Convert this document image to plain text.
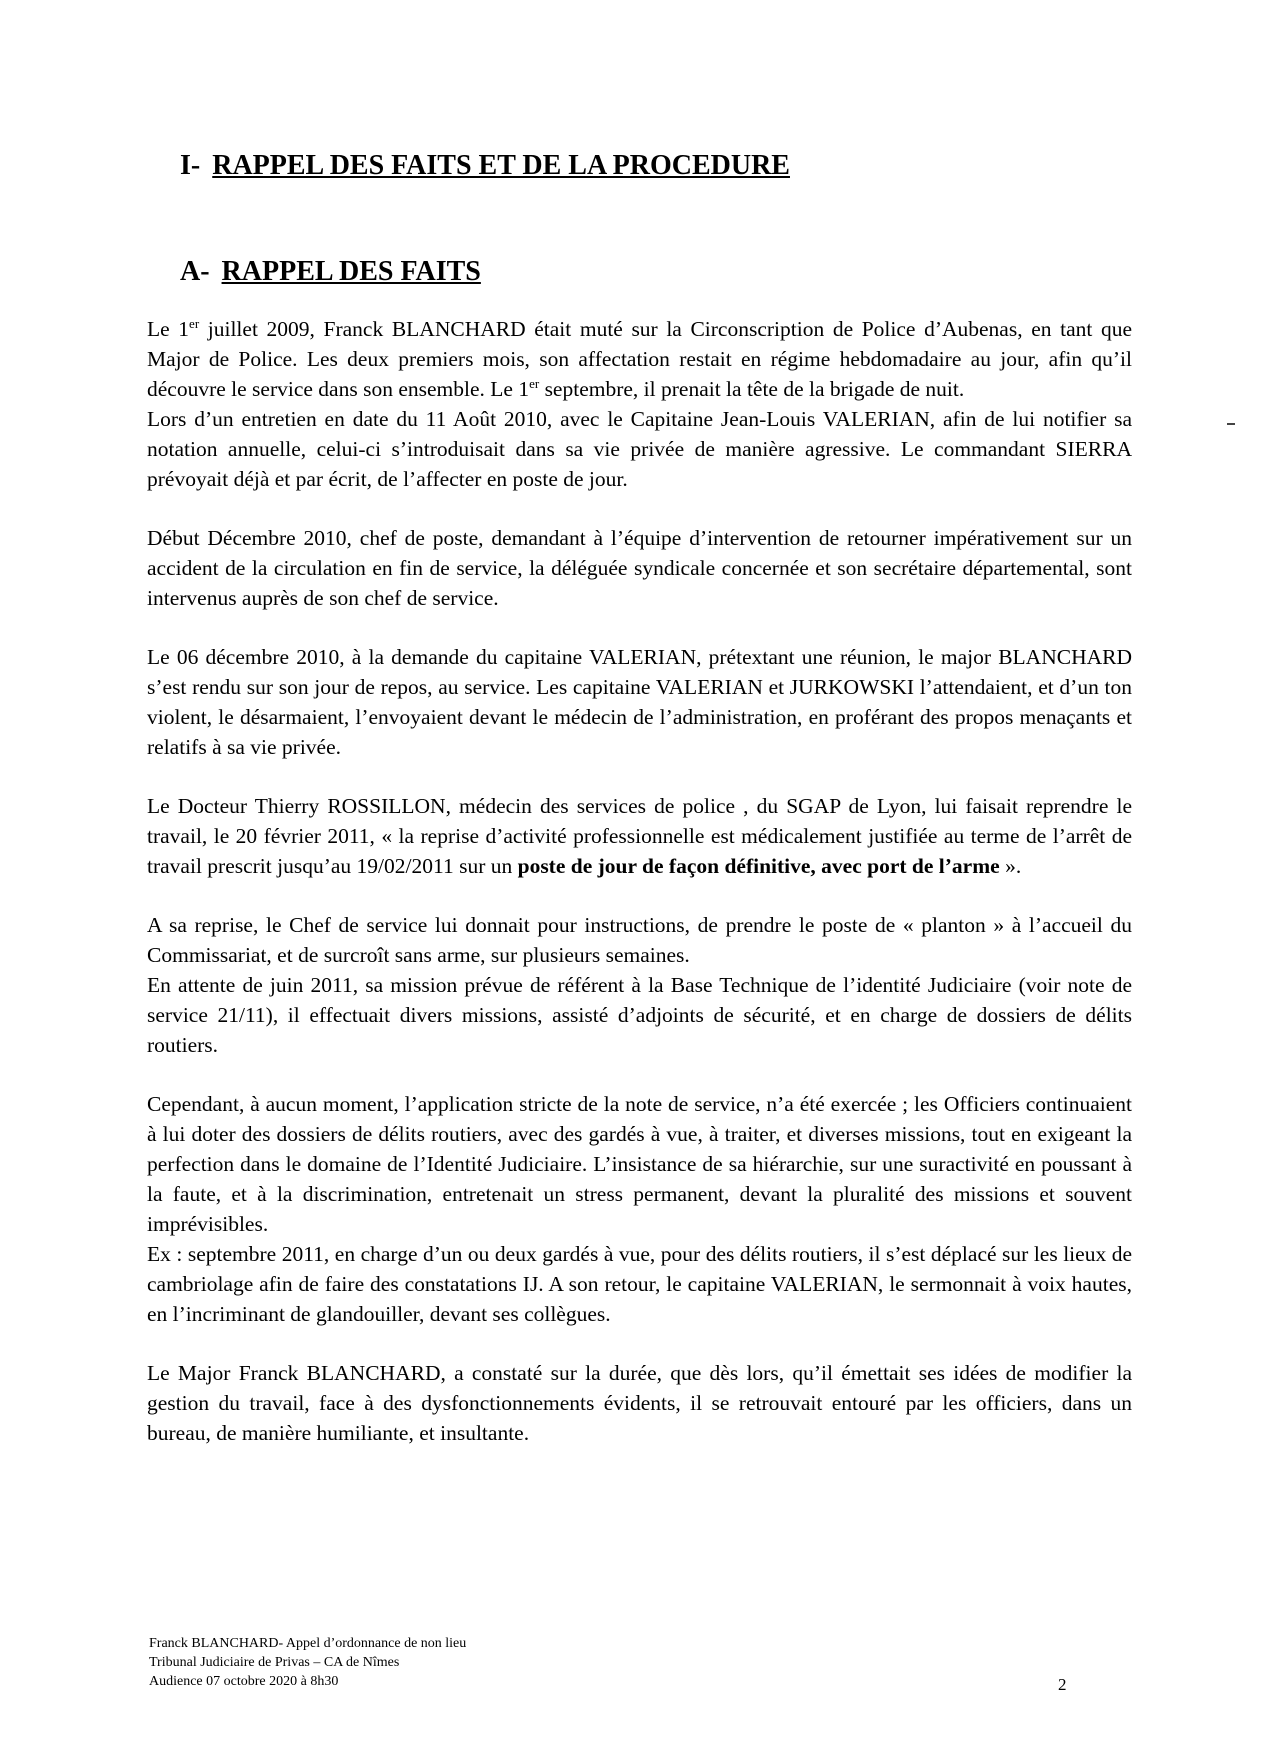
I- RAPPEL DES FAITS ET DE LA PROCEDURE
A- RAPPEL DES FAITS

Le 1er juillet 2009, Franck BLANCHARD était muté sur la Circonscription de Police d’Aubenas, en tant que Major de Police. Les deux premiers mois, son affectation restait en régime hebdomadaire au jour, afin qu’il découvre le service dans son ensemble. Le 1er septembre, il prenait la tête de la brigade de nuit.

Lors d’un entretien en date du 11 Août 2010, avec le Capitaine Jean-Louis VALERIAN, afin de lui notifier sa notation annuelle, celui-ci s’introduisait dans sa vie privée de manière agressive. Le commandant SIERRA prévoyait déjà et par écrit, de l’affecter en poste de jour.

Début Décembre 2010, chef de poste, demandant à l’équipe d’intervention de retourner impérativement sur un accident de la circulation en fin de service, la déléguée syndicale concernée et son secrétaire départemental, sont intervenus auprès de son chef de service.

Le 06 décembre 2010, à la demande du capitaine VALERIAN, prétextant une réunion, le major BLANCHARD s’est rendu sur son jour de repos, au service. Les capitaine VALERIAN et JURKOWSKI l’attendaient, et d’un ton violent, le désarmaient, l’envoyaient devant le médecin de l’administration, en proférant des propos menaçants et relatifs à sa vie privée.

Le Docteur Thierry ROSSILLON, médecin des services de police , du SGAP de Lyon, lui faisait reprendre le travail, le 20 février 2011, « la reprise d’activité professionnelle est médicalement justifiée au terme de l’arrêt de travail prescrit jusqu’au 19/02/2011 sur un poste de jour de façon définitive, avec port de l’arme ».

A sa reprise, le Chef de service lui donnait pour instructions, de prendre le poste de « planton » à l’accueil du Commissariat, et de surcroît sans arme, sur plusieurs semaines.

En attente de juin 2011, sa mission prévue de référent à la Base Technique de l’identité Judiciaire (voir note de service 21/11), il effectuait divers missions, assisté d’adjoints de sécurité, et en charge de dossiers de délits routiers.

Cependant, à aucun moment, l’application stricte de la note de service, n’a été exercée ; les Officiers continuaient à lui doter des dossiers de délits routiers, avec des gardés à vue, à traiter, et diverses missions, tout en exigeant la perfection dans le domaine de l’Identité Judiciaire. L’insistance de sa hiérarchie, sur une suractivité en poussant à la faute, et à la discrimination, entretenait un stress permanent, devant la pluralité des missions et souvent imprévisibles.

Ex : septembre 2011, en charge d’un ou deux gardés à vue, pour des délits routiers, il s’est déplacé sur les lieux de cambriolage afin de faire des constatations IJ. A son retour, le capitaine VALERIAN, le sermonnait à voix hautes, en l’incriminant de glandouiller, devant ses collègues.

Le Major Franck BLANCHARD, a constaté sur la durée, que dès lors, qu’il émettait ses idées de modifier la gestion du travail, face à des dysfonctionnements évidents, il se retrouvait entouré par les officiers, dans un bureau, de manière humiliante, et insultante.

Franck BLANCHARD- Appel d’ordonnance de non lieu
Tribunal Judiciaire de Privas – CA de Nîmes
Audience 07 octobre 2020 à 8h30	2
